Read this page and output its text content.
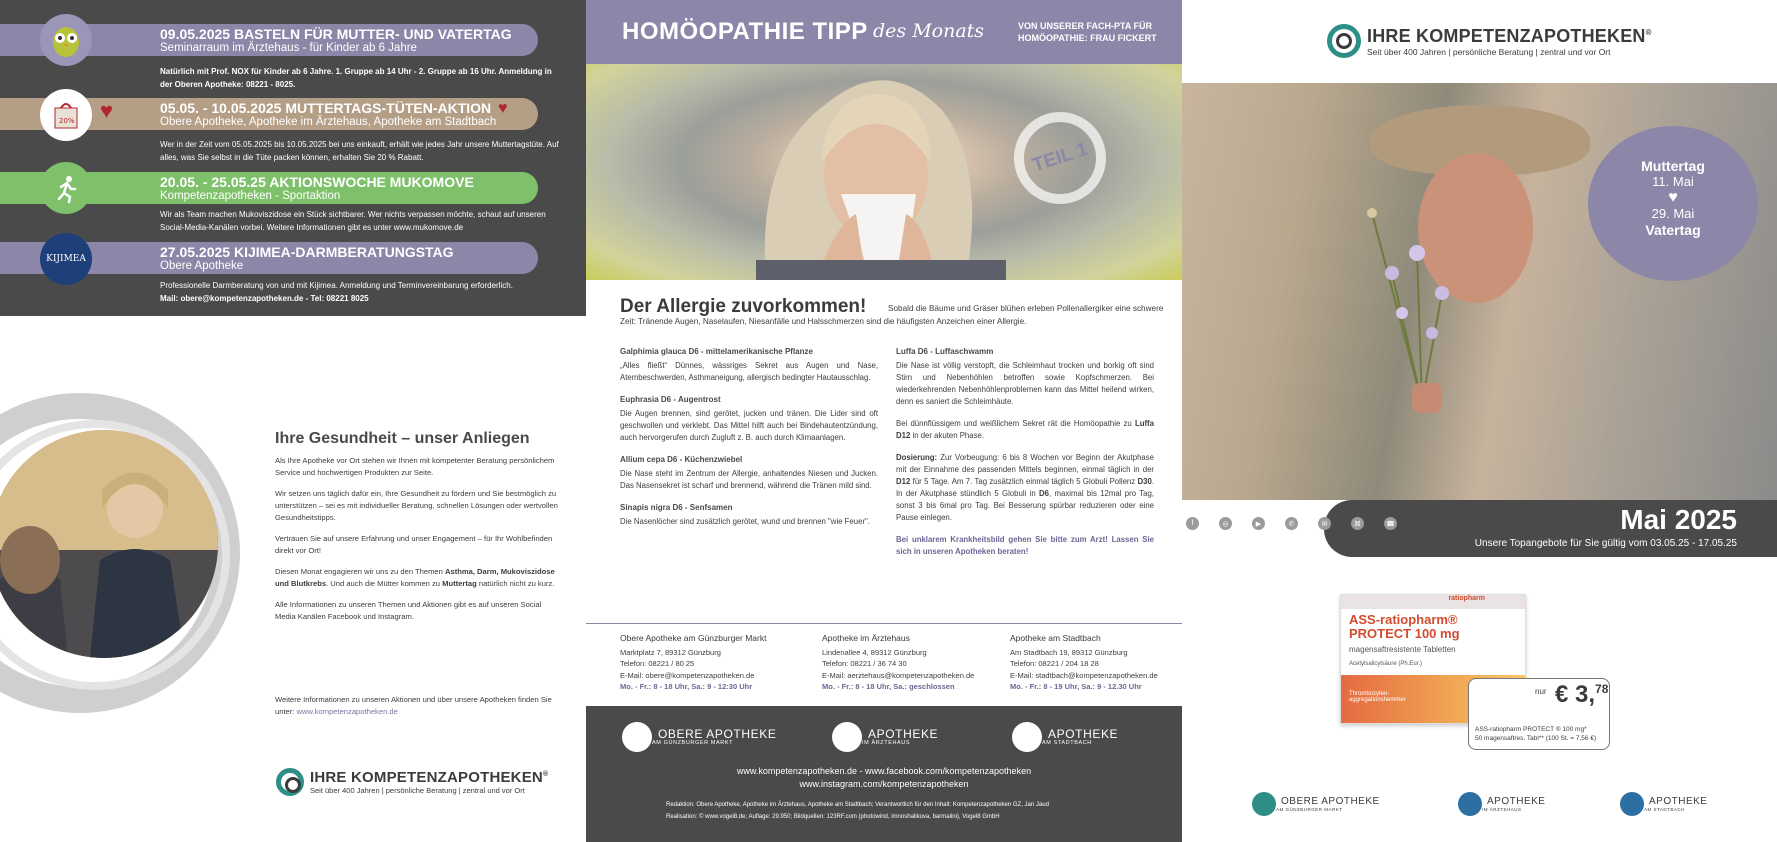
09.05.2025 BASTELN FÜR MUTTER- UND VATERTAG
Seminarraum im Ärztehaus - für Kinder ab 6 Jahre
Natürlich mit Prof. NOX für Kinder ab 6 Jahre. 1. Gruppe ab 14 Uhr - 2. Gruppe ab 16 Uhr. Anmeldung in der Oberen Apotheke: 08221 - 8025.
05.05. - 10.05.2025 MUTTERTAGS-TÜTEN-AKTION
Obere Apotheke, Apotheke im Ärztehaus, Apotheke am Stadtbach
20% ♥	♥
Wer in der Zeit vom 05.05.2025 bis 10.05.2025 bei uns einkauft, erhält wie jedes Jahr unsere Muttertagstüte. Auf alles, was Sie selbst in die Tüte packen können, erhalten Sie 20 % Rabatt.
20.05. - 25.05.25 AKTIONSWOCHE MUKOMOVE
Kompetenzapotheken - Sportaktion
Wir als Team machen Mukoviszidose ein Stück sichtbarer. Wer nichts verpassen möchte, schaut auf unseren Social-Media-Kanälen vorbei. Weitere Informationen gibt es unter www.mukomove.de
27.05.2025 KIJIMEA-DARMBERATUNGSTAG
Obere Apotheke
KIJIMEA
Professionelle Darmberatung von und mit Kijimea. Anmeldung und Terminvereinbarung erforderlich.
Mail: obere@kompetenzapotheken.de - Tel: 08221 8025
Ihre Gesundheit – unser Anliegen

Als Ihre Apotheke vor Ort stehen wir Ihnen mit kompetenter Beratung persönlichem Service und hochwertigen Produkten zur Seite.

Wir setzen uns täglich dafür ein, Ihre Gesundheit zu fördern und Sie bestmöglich zu unterstützen – sei es mit individueller Beratung, schnellen Lösungen oder wertvollen Gesundheitstipps.

Vertrauen Sie auf unsere Erfahrung und unser Engagement – für Ihr Wohlbefinden direkt vor Ort!

Diesen Monat engagieren wir uns zu den Themen Asthma, Darm, Mukoviszidose und Blutkrebs. Und auch die Mütter kommen zu Muttertag natürlich nicht zu kurz.

Alle Informationen zu unseren Themen und Aktionen gibt es auf unseren Social Media Kanälen Facebook und Instagram.

Weitere Informationen zu unseren Aktionen und über unsere Apotheken finden Sie unter: www.kompetenzapotheken.de
IHRE KOMPETENZAPOTHEKEN®
Seit über 400 Jahren | persönliche Beratung | zentral und vor Ort
HOMÖOPATHIE TIPP des Monats	VON UNSERER FACH-PTA FÜR HOMÖOPATHIE: FRAU FICKERT
TEIL 1
Der Allergie zuvorkommen!	Sobald die Bäume und Gräser blühen erleben Pollenallergiker eine schwere Zeit: Tränende Augen, Naselaufen, Niesanfälle und Halsschmerzen sind die häufigsten Anzeichen einer Allergie.
Galphimia glauca D6 - mittelamerikanische Pflanze

„Alles fließt“ Dünnes, wässriges Sekret aus Augen und Nase, Atembeschwerden, Asthmaneigung, allergisch bedingter Hautausschlag.

Euphrasia D6 - Augentrost

Die Augen brennen, sind gerötet, jucken und tränen. Die Lider sind oft geschwollen und verklebt. Das Mittel hilft auch bei Bindehautentzündung, auch hervorgerufen durch Zugluft z. B. auch durch Klimaanlagen.

Allium cepa D6 - Küchenzwiebel

Die Nase steht im Zentrum der Allergie, anhaltendes Niesen und Jucken. Das Nasensekret ist scharf und brennend, während die Tränen mild sind.

Sinapis nigra D6 - Senfsamen

Die Nasenlöcher sind zusätzlich gerötet, wund und brennen "wie Feuer".

Luffa D6 - Luffaschwamm

Die Nase ist völlig verstopft, die Schleimhaut trocken und borkig oft sind Stirn und Nebenhöhlen betroffen sowie Kopfschmerzen. Bei wiederkehrenden Nebenhöhlenproblemen kann das Mittel heilend wirken, denn es saniert die Schleimhäute.

Bei dünnflüssigem und weißlichem Sekret rät die Homöopathie zu Luffa D12 in der akuten Phase.

Dosierung: Zur Vorbeugung: 6 bis 8 Wochen vor Beginn der Akutphase mit der Einnahme des passenden Mittels beginnen, einmal täglich in der D12 für 5 Tage. Am 7. Tag zusätzlich einmal täglich 5 Globuli Pollenz D30. In der Akutphase stündlich 5 Globuli in D6, maximal bis 12mal pro Tag, sonst 3 bis 6mal pro Tag. Bei Besserung spürbar reduzieren oder eine Pause einlegen.

Bei unklarem Krankheitsbild gehen Sie bitte zum Arzt! Lassen Sie sich in unseren Apotheken beraten!

Obere Apotheke am Günzburger Markt
Marktplatz 7, 89312 Günzburg
Telefon: 08221 / 80 25
E-Mail: obere@kompetenzapotheken.de
Mo. - Fr.: 8 - 18 Uhr, Sa.: 9 - 12:30 Uhr
Apotheke im Ärztehaus
Lindenallee 4, 89312 Günzburg
Telefon: 08221 / 36 74 30
E-Mail: aerztehaus@kompetenzapotheken.de
Mo. - Fr.: 8 - 18 Uhr, Sa.: geschlossen
Apotheke am Stadtbach
Am Stadtbach 19, 89312 Günzburg
Telefon: 08221 / 204 18 28
E-Mail: stadtbach@kompetenzapotheken.de
Mo. - Fr.: 8 - 19 Uhr, Sa.: 9 - 12.30 Uhr
OBERE APOTHEKE
AM GÜNZBURGER MARKT
APOTHEKE
IM ÄRZTEHAUS
APOTHEKE
AM STADTBACH
www.kompetenzapotheken.de - www.facebook.com/kompetenzapotheken
www.instagram.com/kompetenzapotheken
Redaktion: Obere Apotheke, Apotheke im Ärztehaus, Apotheke am Stadtbach; Verantwortlich für den Inhalt: Kompetenzapotheken GZ, Jan Jaud
Realisation: © www.vogel8.de; Auflage: 29.950; Bildquellen: 123RF.com (photowind, imnoshalikova, barmalini), Vogel8 GmbH
IHRE KOMPETENZAPOTHEKEN®
Seit über 400 Jahren | persönliche Beratung | zentral und vor Ort
Muttertag
11. Mai
♥
29. Mai
Vatertag
Mai 2025
Unsere Topangebote für Sie gültig vom 03.05.25 - 17.05.25
f	◎	▶	✆	✉	⌘	☎
ratiopharm
ASS-ratiopharm® PROTECT 100 mg
magensaftresistente Tabletten
Acetylsalicylsäure (Ph.Eur.)
Thrombozyten-aggregationshemmer
nur € 3,78
ASS-ratiopharm PROTECT ® 100 mg*
50 magensaftres. Tabl** (100 St. = 7,56 €)
OBERE APOTHEKE
AM GÜNZBURGER MARKT
APOTHEKE
IM ÄRZTEHAUS
APOTHEKE
AM STADTBACH
